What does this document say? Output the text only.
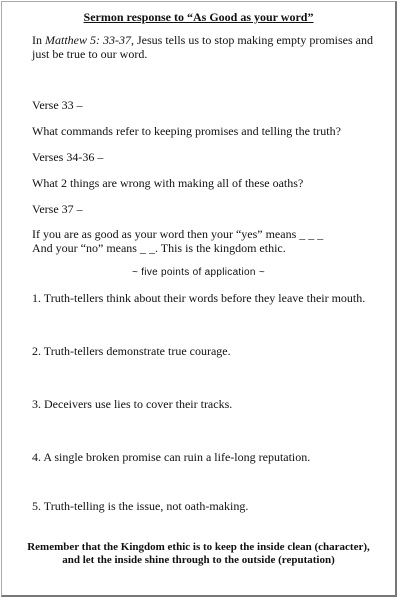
Sermon response to “As Good as your word”
In Matthew 5: 33-37, Jesus tells us to stop making empty promises and just be true to our word.
Verse 33 –
What commands refer to keeping promises and telling the truth?
Verses 34-36 –
What 2 things are wrong with making all of these oaths?
Verse 37 –
If you are as good as your word then your “yes” means _ _ _
And your “no” means _ _. This is the kingdom ethic.
~ five points of application ~
1. Truth-tellers think about their words before they leave their mouth.
2. Truth-tellers demonstrate true courage.
3. Deceivers use lies to cover their tracks.
4. A single broken promise can ruin a life-long reputation.
5. Truth-telling is the issue, not oath-making.
Remember that the Kingdom ethic is to keep the inside clean (character),
and let the inside shine through to the outside (reputation)
